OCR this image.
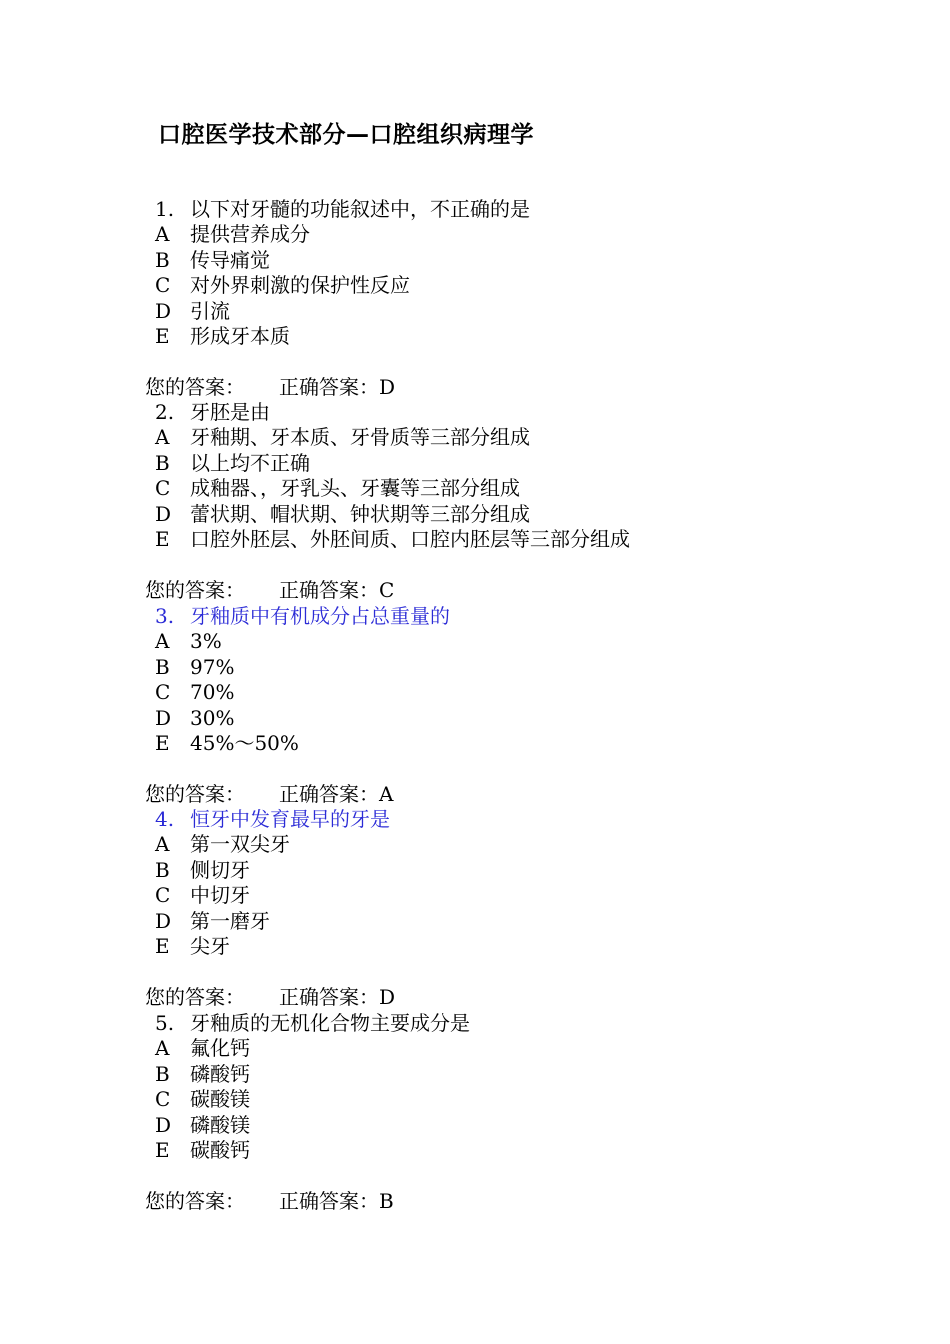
口腔医学技术部分—口腔组织病理学
1. 以下对牙髓的功能叙述中，不正确的是
A 提供营养成分
B 传导痛觉
C 对外界刺激的保护性反应
D 引流
E 形成牙本质
您的答案： 正确答案：D
2. 牙胚是由
A 牙釉期、牙本质、牙骨质等三部分组成
B 以上均不正确
C 成釉器、，牙乳头、牙囊等三部分组成
D 蕾状期、帽状期、钟状期等三部分组成
E 口腔外胚层、外胚间质、口腔内胚层等三部分组成
您的答案： 正确答案：C
3. 牙釉质中有机成分占总重量的
A 3%
B 97%
C 70%
D 30%
E 45%～50%
您的答案： 正确答案：A
4. 恒牙中发育最早的牙是
A 第一双尖牙
B 侧切牙
C 中切牙
D 第一磨牙
E 尖牙
您的答案： 正确答案：D
5. 牙釉质的无机化合物主要成分是
A 氟化钙
B 磷酸钙
C 碳酸镁
D 磷酸镁
E 碳酸钙
您的答案： 正确答案：B
